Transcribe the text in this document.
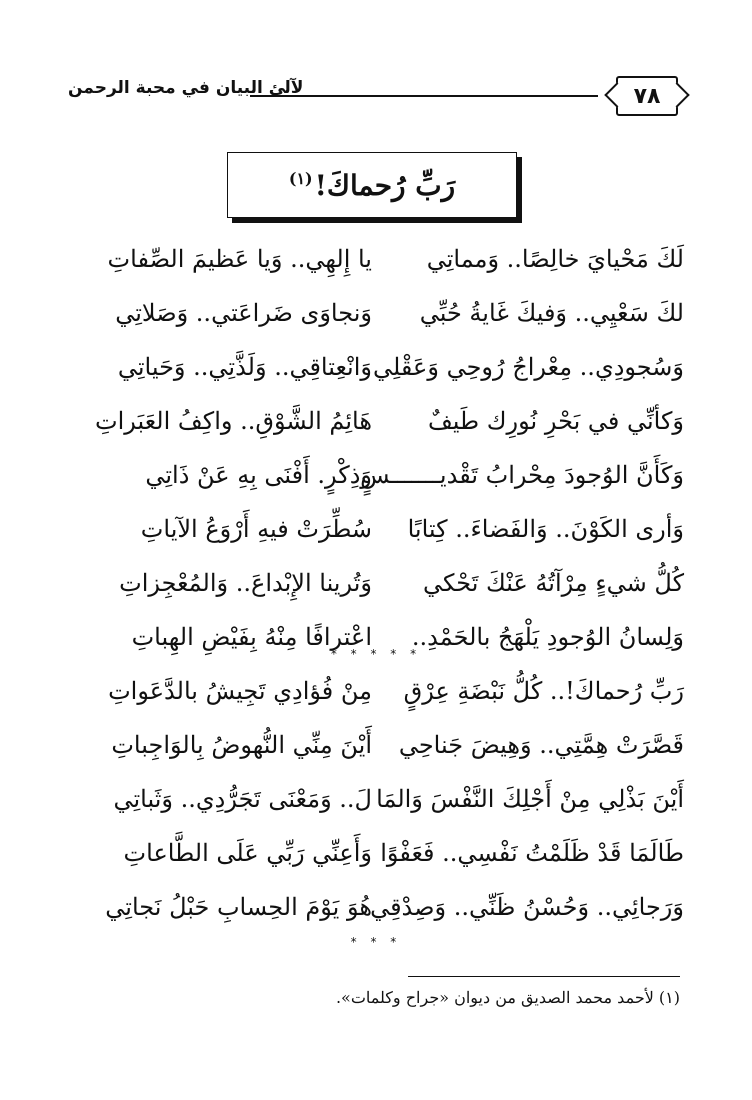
٧٨
لآلئ البيان في محبة الرحمن
رَبِّ رُحماكَ!$^{(١)}$
لَكَ مَحْيايَ خالِصًا.. وَمماتِي
يا إِلهِي.. وَيا عَظيمَ الصِّفاتِ
لكَ سَعْيِي.. وَفيكَ غَايةُ حُبِّي
وَنجاوَى ضَراعَتي.. وَصَلاتِي
وَسُجودِي.. مِعْراجُ رُوحِي وَعَقْلِي
وَانْعِتاقِي.. وَلَذَّتِي.. وَحَياتِي
وَكأنِّي في بَحْرِ نُورِك طَيفٌ
هَائِمُ الشَّوْقِ.. واكِفُ العَبَراتِ
وَكَأَنَّ الوُجودَ مِحْرابُ تَقْديـــــــسٍ
وَذِكْرٍ. أَفْنَى بِهِ عَنْ ذَاتِي
وَأرى الكَوْنَ.. وَالفَضاءَ.. كِتابًا
سُطِّرَتْ فيهِ أَرْوَعُ الآياتِ
كُلُّ شيءٍ مِرْآتُهُ عَنْكَ تَحْكي
وَتُرينا الإِبْداعَ.. وَالمُعْجِزاتِ
وَلِسانُ الوُجودِ يَلْهَجُ بالحَمْدِ..
اعْترافًا مِنْهُ بِفَيْضِ الهِباتِ
* * * * *
رَبِّ رُحماكَ!.. كُلُّ نَبْضَةِ عِرْقٍ
مِنْ فُؤادِي تَجِيشُ بالدَّعَواتِ
قَصَّرَتْ هِمَّتِي.. وَهِيضَ جَناحِي
أَيْنَ مِنِّي النُّهوضُ بِالوَاجِباتِ
أَيْنَ بَذْلِي مِنْ أَجْلِكَ النَّفْسَ وَالمَا
لَ.. وَمَعْنَى تَجَرُّدِي.. وَثَباتِي
طَالَمَا قَدْ ظَلَمْتُ نَفْسِي.. فَعَفْوًا
وَأَعِنِّي رَبِّي عَلَى الطَّاعاتِ
وَرَجائِي.. وَحُسْنُ ظَنِّي.. وَصِدْقِي
هُوَ يَوْمَ الحِسابِ حَبْلُ نَجاتِي
* * *
(١) لأحمد محمد الصديق من ديوان «جراح وكلمات».
